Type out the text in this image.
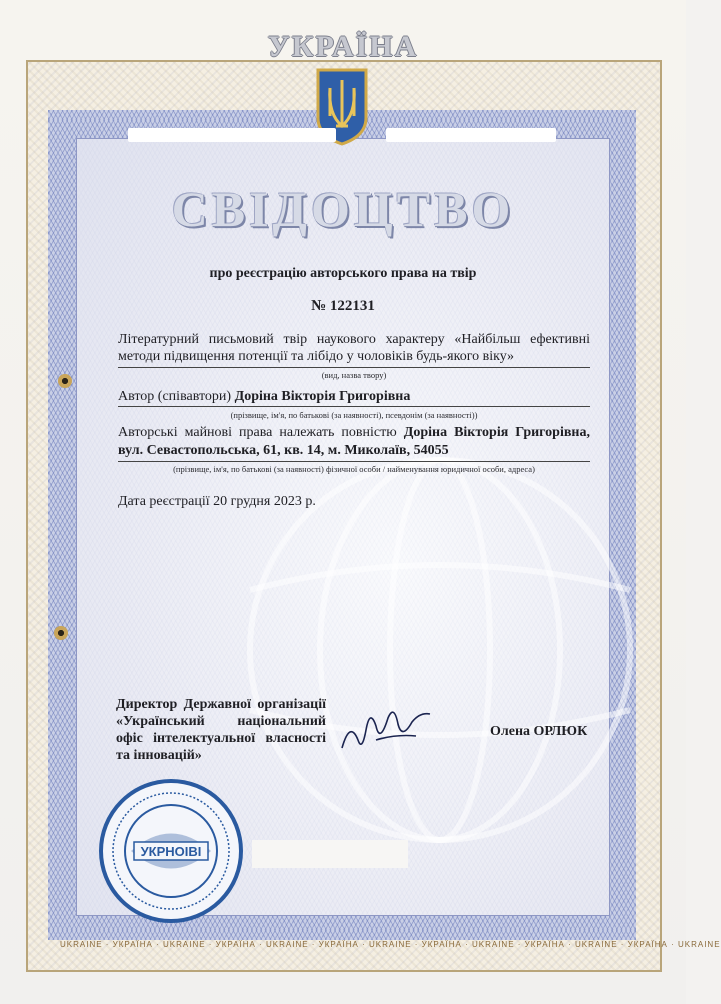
UKRAINE · УКРАЇНА · UKRAINE · УКРАЇНА · UKRAINE · УКРАЇНА · UKRAINE · УКРАЇНА · UKRAINE · УКРАЇНА · UKRAINE · УКРАЇНА · UKRAINE
УКРАЇНА
СВІДОЦТВО
про реєстрацію авторського права на твір
№ 122131
Літературний письмовий твір наукового характеру «Найбільш ефективні методи підвищення потенції та лібідо у чоловіків будь-якого віку»
(вид, назва твору)
Автор (співавтори) Доріна Вікторія Григорівна
(прізвище, ім'я, по батькові (за наявності), псевдонім (за наявності))
Авторські майнові права належать повністю Доріна Вікторія Григорівна, вул. Севастопольська, 61, кв. 14, м. Миколаїв, 54055
(прізвище, ім'я, по батькові (за наявності) фізичної особи / найменування юридичної особи, адреса)
Дата реєстрації 20 грудня 2023 р.
Директор Державної організації «Український національний офіс інтелектуальної власності та інновацій»
Олена ОРЛЮК
УКРНОІВІ
